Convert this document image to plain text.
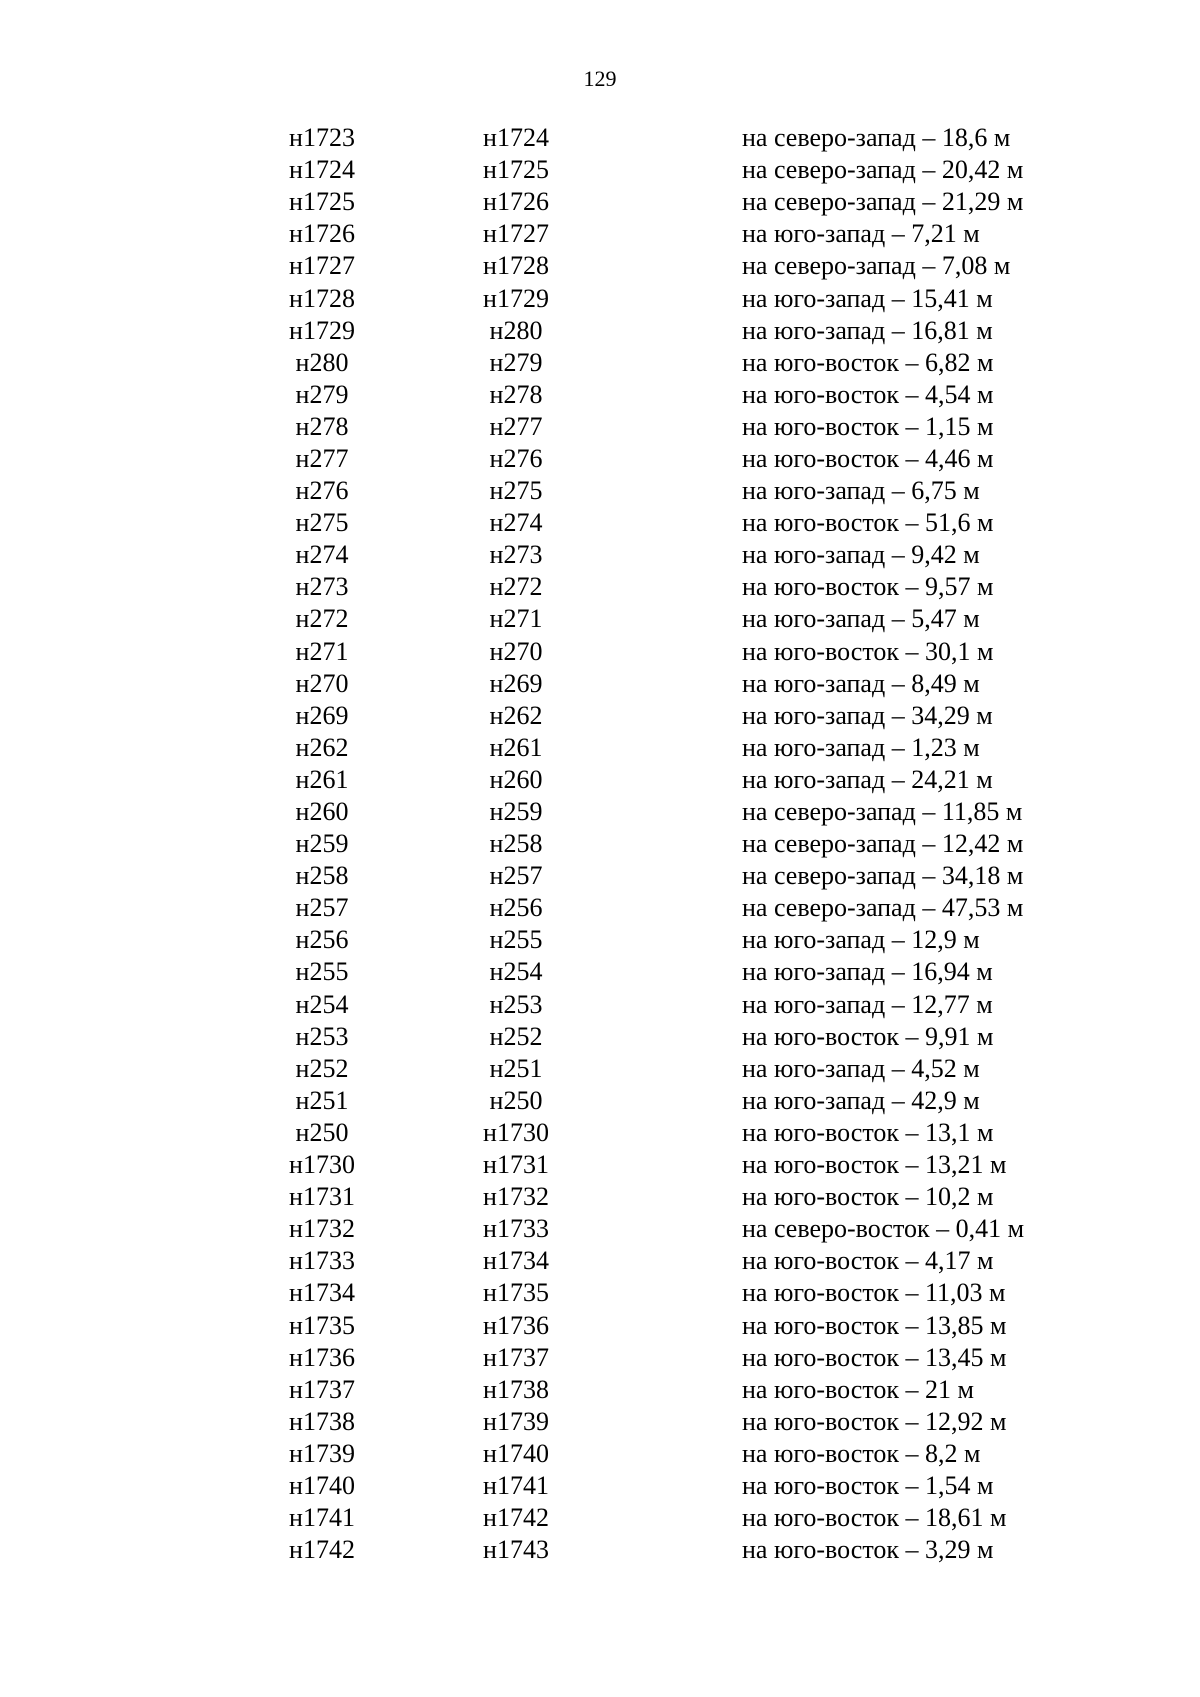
129
н1723	н1724	на северо-запад – 18,6 м
н1724	н1725	на северо-запад – 20,42 м
н1725	н1726	на северо-запад – 21,29 м
н1726	н1727	на юго-запад – 7,21 м
н1727	н1728	на северо-запад – 7,08 м
н1728	н1729	на юго-запад – 15,41 м
н1729	н280	на юго-запад – 16,81 м
н280	н279	на юго-восток – 6,82 м
н279	н278	на юго-восток – 4,54 м
н278	н277	на юго-восток – 1,15 м
н277	н276	на юго-восток – 4,46 м
н276	н275	на юго-запад – 6,75 м
н275	н274	на юго-восток – 51,6 м
н274	н273	на юго-запад – 9,42 м
н273	н272	на юго-восток – 9,57 м
н272	н271	на юго-запад – 5,47 м
н271	н270	на юго-восток – 30,1 м
н270	н269	на юго-запад – 8,49 м
н269	н262	на юго-запад – 34,29 м
н262	н261	на юго-запад – 1,23 м
н261	н260	на юго-запад – 24,21 м
н260	н259	на северо-запад – 11,85 м
н259	н258	на северо-запад – 12,42 м
н258	н257	на северо-запад – 34,18 м
н257	н256	на северо-запад – 47,53 м
н256	н255	на юго-запад – 12,9 м
н255	н254	на юго-запад – 16,94 м
н254	н253	на юго-запад – 12,77 м
н253	н252	на юго-восток – 9,91 м
н252	н251	на юго-запад – 4,52 м
н251	н250	на юго-запад – 42,9 м
н250	н1730	на юго-восток – 13,1 м
н1730	н1731	на юго-восток – 13,21 м
н1731	н1732	на юго-восток – 10,2 м
н1732	н1733	на северо-восток – 0,41 м
н1733	н1734	на юго-восток – 4,17 м
н1734	н1735	на юго-восток – 11,03 м
н1735	н1736	на юго-восток – 13,85 м
н1736	н1737	на юго-восток – 13,45 м
н1737	н1738	на юго-восток – 21 м
н1738	н1739	на юго-восток – 12,92 м
н1739	н1740	на юго-восток – 8,2 м
н1740	н1741	на юго-восток – 1,54 м
н1741	н1742	на юго-восток – 18,61 м
н1742	н1743	на юго-восток – 3,29 м
